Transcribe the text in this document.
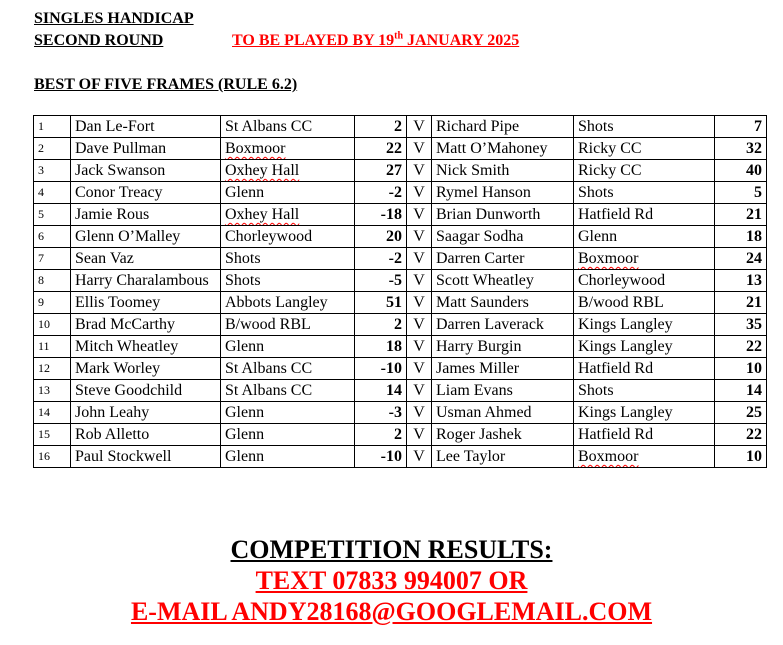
SINGLES HANDICAP
SECOND ROUND	TO BE PLAYED BY 19th JANUARY 2025
BEST OF FIVE FRAMES (RULE 6.2)
1	Dan Le-Fort	St Albans CC	2	V	Richard Pipe	Shots	7
2	Dave Pullman	Boxmoor	22	V	Matt O’Mahoney	Ricky CC	32
3	Jack Swanson	Oxhey Hall	27	V	Nick Smith	Ricky CC	40
4	Conor Treacy	Glenn	-2	V	Rymel Hanson	Shots	5
5	Jamie Rous	Oxhey Hall	-18	V	Brian Dunworth	Hatfield Rd	21
6	Glenn O’Malley	Chorleywood	20	V	Saagar Sodha	Glenn	18
7	Sean Vaz	Shots	-2	V	Darren Carter	Boxmoor	24
8	Harry Charalambous	Shots	-5	V	Scott Wheatley	Chorleywood	13
9	Ellis Toomey	Abbots Langley	51	V	Matt Saunders	B/wood RBL	21
10	Brad McCarthy	B/wood RBL	2	V	Darren Laverack	Kings Langley	35
11	Mitch Wheatley	Glenn	18	V	Harry Burgin	Kings Langley	22
12	Mark Worley	St Albans CC	-10	V	James Miller	Hatfield Rd	10
13	Steve Goodchild	St Albans CC	14	V	Liam Evans	Shots	14
14	John Leahy	Glenn	-3	V	Usman Ahmed	Kings Langley	25
15	Rob Alletto	Glenn	2	V	Roger Jashek	Hatfield Rd	22
16	Paul Stockwell	Glenn	-10	V	Lee Taylor	Boxmoor	10
COMPETITION RESULTS:
TEXT 07833 994007 OR
E-MAIL ANDY28168@GOOGLEMAIL.COM
